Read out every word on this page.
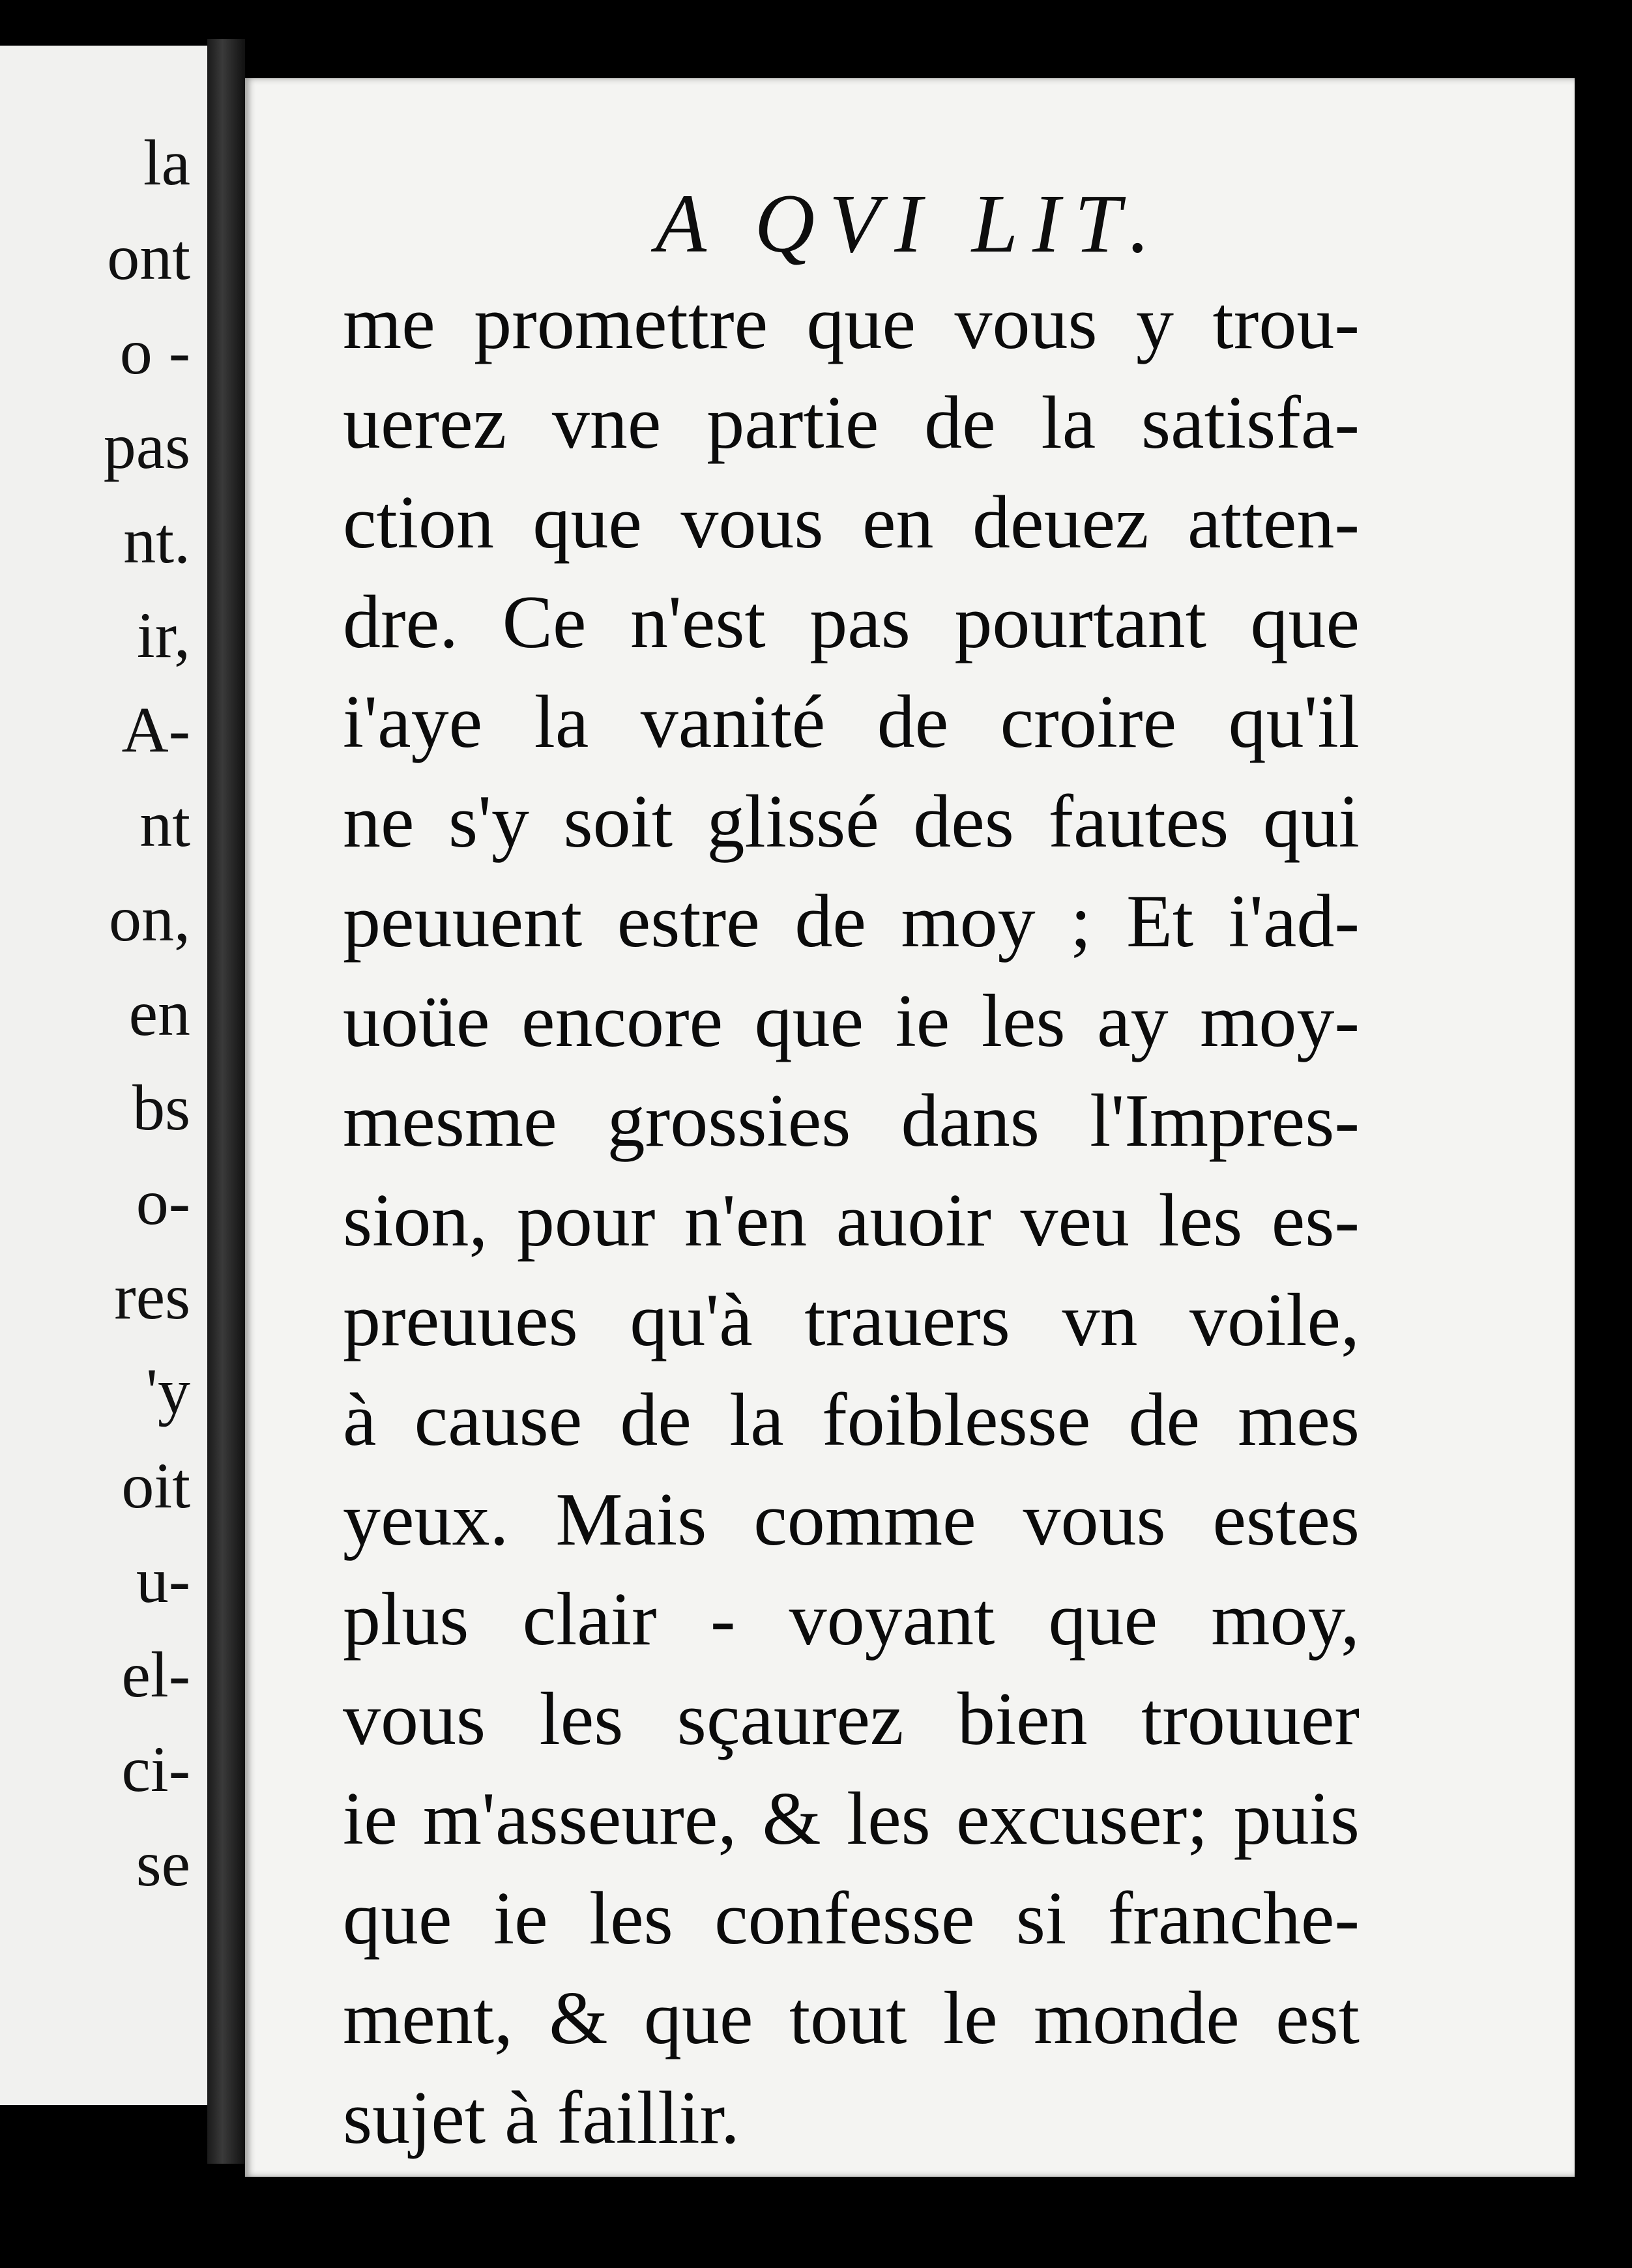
la
ont
o -
pas
nt.
ir,
A-
nt
on,
en
bs
o-
res
'y
oit
u-
el-
ci-
se
A QVI LIT.
me promettre que vous y trou-
uerez vne partie de la satisfa-
ction que vous en deuez atten-
dre. Ce n'est pas pourtant que
i'aye la vanité de croire qu'il
ne s'y soit glissé des fautes qui
peuuent estre de moy ; Et i'ad-
uoüe encore que ie les ay moy-
mesme grossies dans l'Impres-
sion, pour n'en auoir veu les es-
preuues qu'à trauers vn voile,
à cause de la foiblesse de mes
yeux. Mais comme vous estes
plus clair - voyant que moy,
vous les sçaurez bien trouuer
ie m'asseure, & les excuser; puis
que ie les confesse si franche-
ment, & que tout le monde est
sujet à faillir.
